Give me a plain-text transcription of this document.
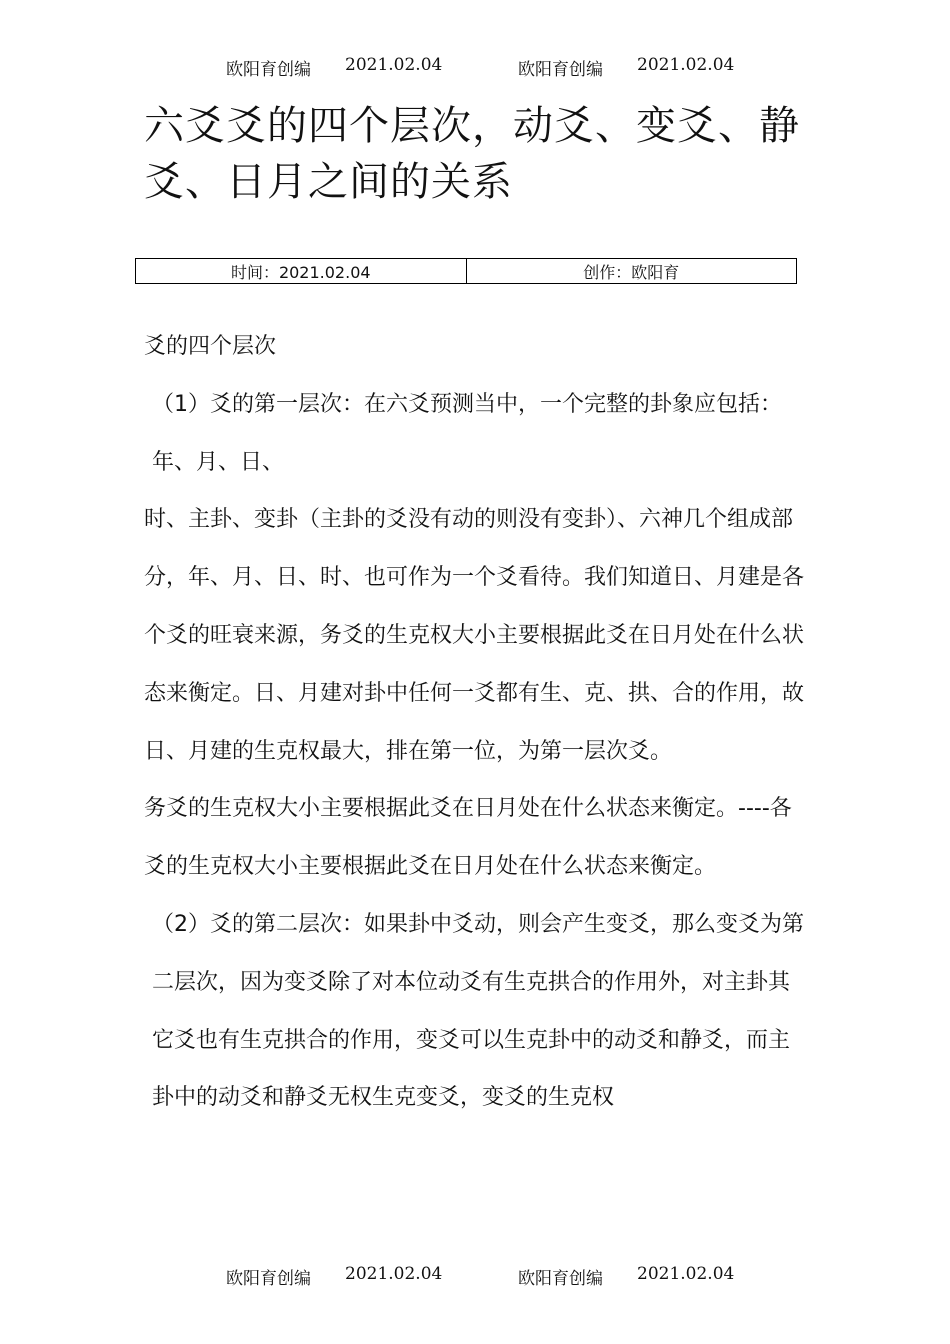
欧阳育创编 2021.02.04	欧阳育创编 2021.02.04
六爻爻的四个层次，动爻、变爻、静爻、日月之间的关系
时间：2021.02.04	创作：欧阳育

爻的四个层次

（1）爻的第一层次：在六爻预测当中，一个完整的卦象应包括：年、月、日、

时、主卦、变卦（主卦的爻没有动的则没有变卦）、六神几个组成部分，年、月、日、时、也可作为一个爻看待。我们知道日、月建是各个爻的旺衰来源，务爻的生克权大小主要根据此爻在日月处在什么状态来衡定。日、月建对卦中任何一爻都有生、克、拱、合的作用，故日、月建的生克权最大，排在第一位，为第一层次爻。

务爻的生克权大小主要根据此爻在日月处在什么状态来衡定。----各爻的生克权大小主要根据此爻在日月处在什么状态来衡定。

（2）爻的第二层次：如果卦中爻动，则会产生变爻，那么变爻为第二层次，因为变爻除了对本位动爻有生克拱合的作用外，对主卦其它爻也有生克拱合的作用，变爻可以生克卦中的动爻和静爻，而主卦中的动爻和静爻无权生克变爻，变爻的生克权

欧阳育创编 2021.02.04	欧阳育创编 2021.02.04
